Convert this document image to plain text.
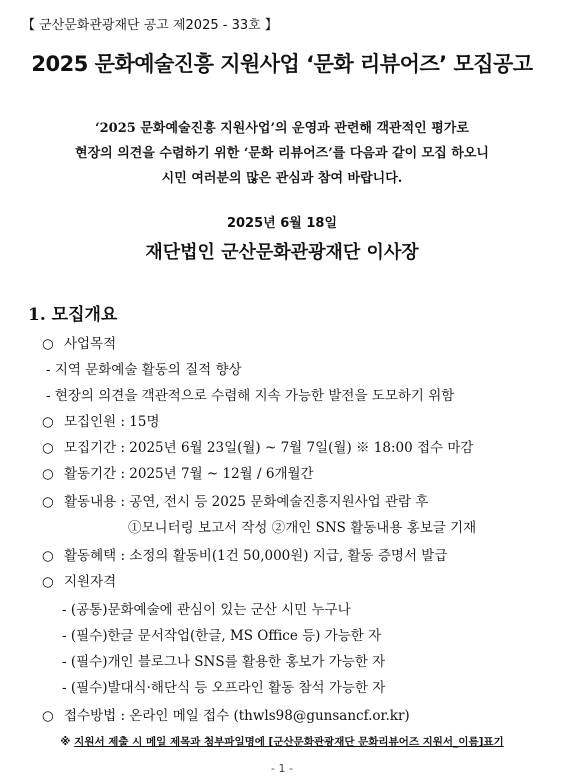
【 군산문화관광재단 공고 제2025 - 33호 】
2025 문화예술진흥 지원사업 ‘문화 리뷰어즈’ 모집공고
‘2025 문화예술진흥 지원사업’의 운영과 관련해 객관적인 평가로
현장의 의견을 수렴하기 위한 ‘문화 리뷰어즈’를 다음과 같이 모집 하오니
시민 여러분의 많은 관심과 참여 바랍니다.
2025년 6월 18일
재단법인 군산문화관광재단 이사장
1. 모집개요
○ 사업목적
- 지역 문화예술 활동의 질적 향상
- 현장의 의견을 객관적으로 수렴해 지속 가능한 발전을 도모하기 위함
○ 모집인원 : 15명
○ 모집기간 : 2025년 6월 23일(월) ~ 7월 7일(월) ※ 18:00 접수 마감
○ 활동기간 : 2025년 7월 ~ 12월 / 6개월간
○ 활동내용 : 공연, 전시 등 2025 문화예술진흥지원사업 관람 후
①모니터링 보고서 작성 ②개인 SNS 활동내용 홍보글 기재
○ 활동혜택 : 소정의 활동비(1건 50,000원) 지급, 활동 증명서 발급
○ 지원자격
- (공통)문화예술에 관심이 있는 군산 시민 누구나
- (필수)한글 문서작업(한글, MS Office 등) 가능한 자
- (필수)개인 블로그나 SNS를 활용한 홍보가 가능한 자
- (필수)발대식·해단식 등 오프라인 활동 참석 가능한 자
○ 접수방법 : 온라인 메일 접수 (thwls98@gunsancf.or.kr)
※ 지원서 제출 시 메일 제목과 첨부파일명에 [군산문화관광재단 문화리뷰어즈 지원서_이름]표기
- 1 -
